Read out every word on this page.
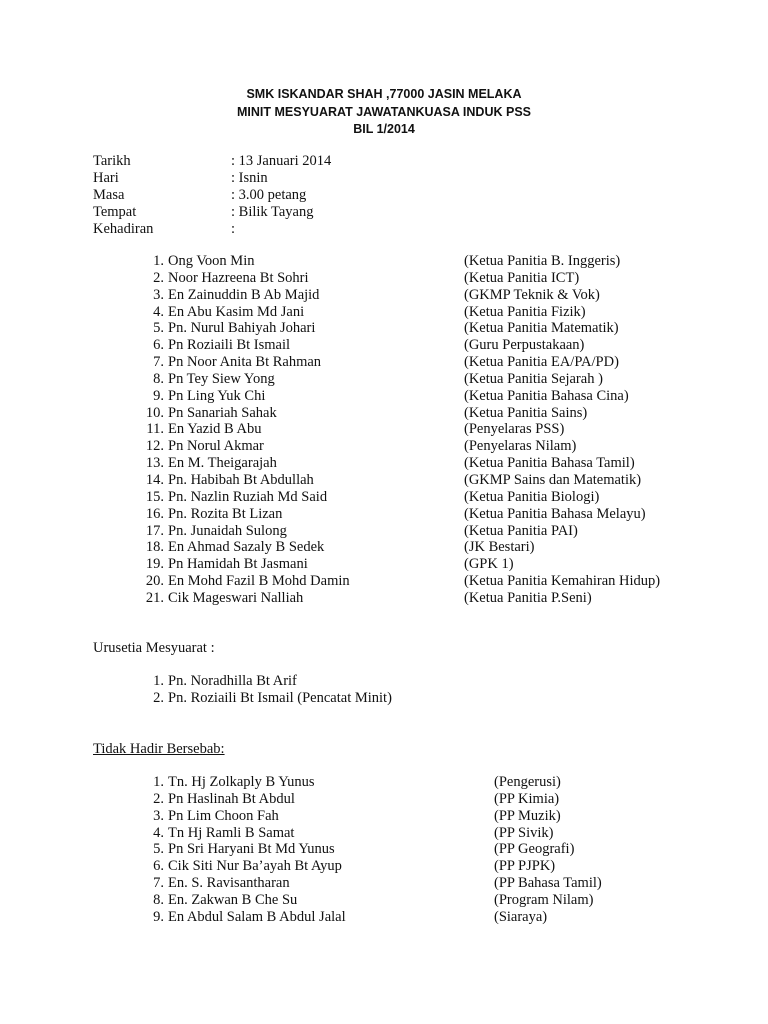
SMK ISKANDAR SHAH ,77000 JASIN MELAKA
MINIT MESYUARAT JAWATANKUASA INDUK PSS
BIL 1/2014
Tarikh	: 13 Januari 2014
Hari	: Isnin
Masa	: 3.00 petang
Tempat	: Bilik Tayang
Kehadiran	:
1. Ong Voon Min	(Ketua Panitia B. Inggeris)
2. Noor Hazreena Bt Sohri	(Ketua Panitia ICT)
3. En Zainuddin B Ab Majid	(GKMP Teknik & Vok)
4. En Abu Kasim Md Jani	(Ketua Panitia Fizik)
5. Pn. Nurul Bahiyah Johari	(Ketua Panitia Matematik)
6. Pn Roziaili Bt Ismail	(Guru Perpustakaan)
7. Pn Noor Anita Bt Rahman	(Ketua Panitia EA/PA/PD)
8. Pn Tey Siew Yong	(Ketua Panitia Sejarah )
9. Pn Ling Yuk Chi	(Ketua Panitia Bahasa Cina)
10. Pn Sanariah Sahak	(Ketua Panitia Sains)
11. En Yazid B Abu	(Penyelaras PSS)
12. Pn Norul Akmar	(Penyelaras Nilam)
13. En M. Theigarajah	(Ketua Panitia Bahasa Tamil)
14. Pn. Habibah Bt Abdullah	(GKMP Sains dan Matematik)
15. Pn. Nazlin Ruziah Md Said	(Ketua Panitia Biologi)
16. Pn. Rozita Bt Lizan	(Ketua Panitia Bahasa Melayu)
17. Pn. Junaidah Sulong	(Ketua Panitia PAI)
18. En Ahmad Sazaly B Sedek	(JK Bestari)
19. Pn Hamidah Bt Jasmani	(GPK 1)
20. En Mohd Fazil B Mohd Damin	(Ketua Panitia Kemahiran Hidup)
21. Cik Mageswari Nalliah	(Ketua Panitia P.Seni)
Urusetia Mesyuarat :
1. Pn. Noradhilla Bt Arif
2. Pn. Roziaili Bt Ismail (Pencatat Minit)
Tidak Hadir Bersebab:
1. Tn. Hj Zolkaply B Yunus	(Pengerusi)
2. Pn Haslinah Bt Abdul	(PP Kimia)
3. Pn Lim Choon Fah	(PP Muzik)
4. Tn Hj Ramli B Samat	(PP Sivik)
5. Pn Sri Haryani Bt Md Yunus	(PP Geografi)
6. Cik Siti Nur Ba’ayah Bt Ayup	(PP PJPK)
7. En. S. Ravisantharan	(PP Bahasa Tamil)
8. En. Zakwan B Che Su	(Program Nilam)
9. En Abdul Salam B Abdul Jalal	(Siaraya)
